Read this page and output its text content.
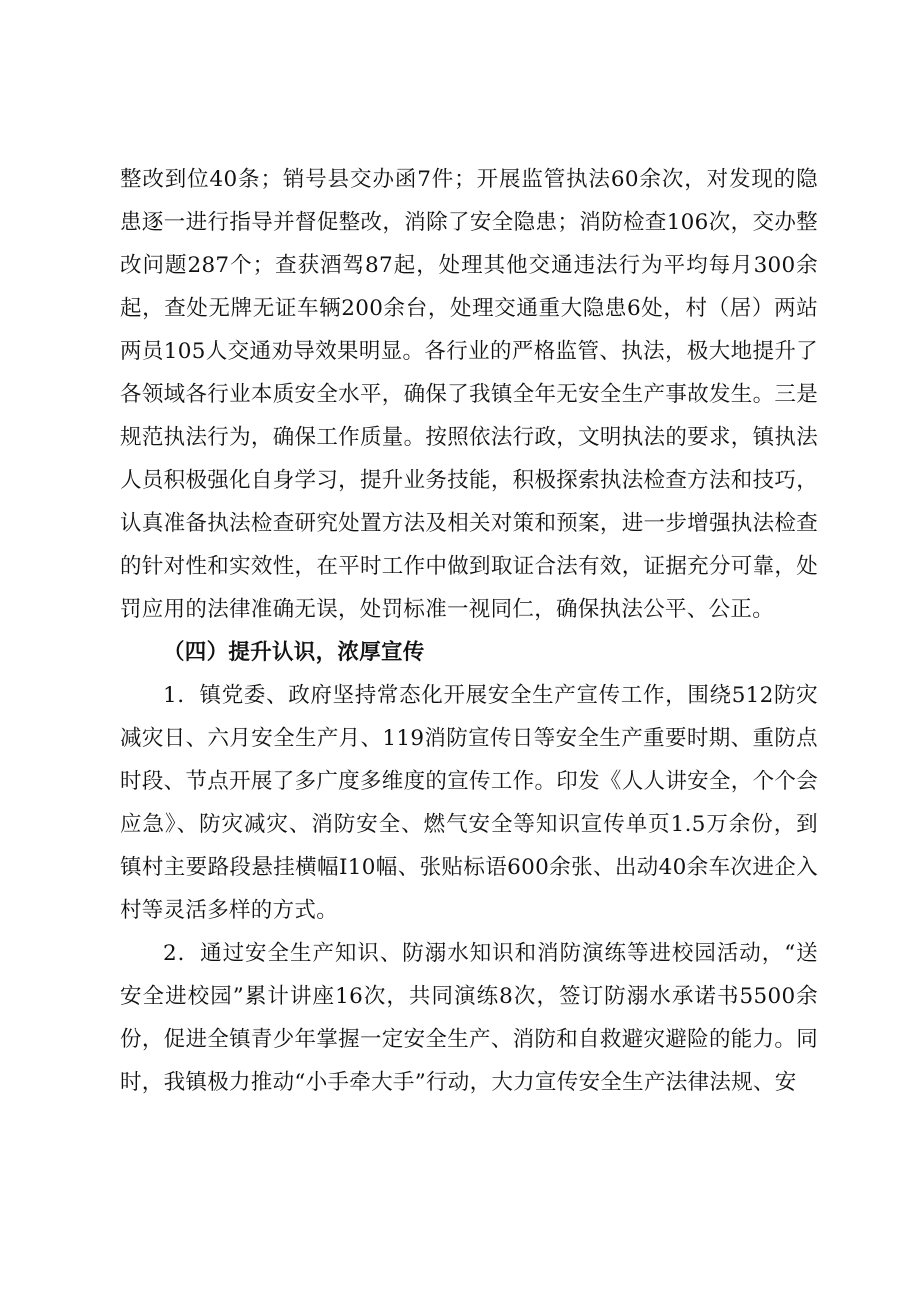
整改到位40条；销号县交办函7件；开展监管执法60余次，对发现的隐患逐一进行指导并督促整改，消除了安全隐患；消防检查106次，交办整改问题287个；查获酒驾87起，处理其他交通违法行为平均每月300余起，查处无牌无证车辆200余台，处理交通重大隐患6处，村（居）两站两员105人交通劝导效果明显。各行业的严格监管、执法，极大地提升了各领域各行业本质安全水平，确保了我镇全年无安全生产事故发生。三是规范执法行为，确保工作质量。按照依法行政，文明执法的要求，镇执法人员积极强化自身学习，提升业务技能，积极探索执法检查方法和技巧，认真准备执法检查研究处置方法及相关对策和预案，进一步增强执法检查的针对性和实效性，在平时工作中做到取证合法有效，证据充分可靠，处罚应用的法律准确无误，处罚标准一视同仁，确保执法公平、公正。

（四）提升认识，浓厚宣传

1．镇党委、政府坚持常态化开展安全生产宣传工作，围绕512防灾减灾日、六月安全生产月、119消防宣传日等安全生产重要时期、重防点时段、节点开展了多广度多维度的宣传工作。印发《人人讲安全，个个会应急》、防灾减灾、消防安全、燃气安全等知识宣传单页1.5万余份，到镇村主要路段悬挂横幅I10幅、张贴标语600余张、出动40余车次进企入村等灵活多样的方式。

2．通过安全生产知识、防溺水知识和消防演练等进校园活动，“送安全进校园”累计讲座16次，共同演练8次，签订防溺水承诺书5500余份，促进全镇青少年掌握一定安全生产、消防和自救避灾避险的能力。同时，我镇极力推动“小手牵大手”行动，大力宣传安全生产法律法规、安
